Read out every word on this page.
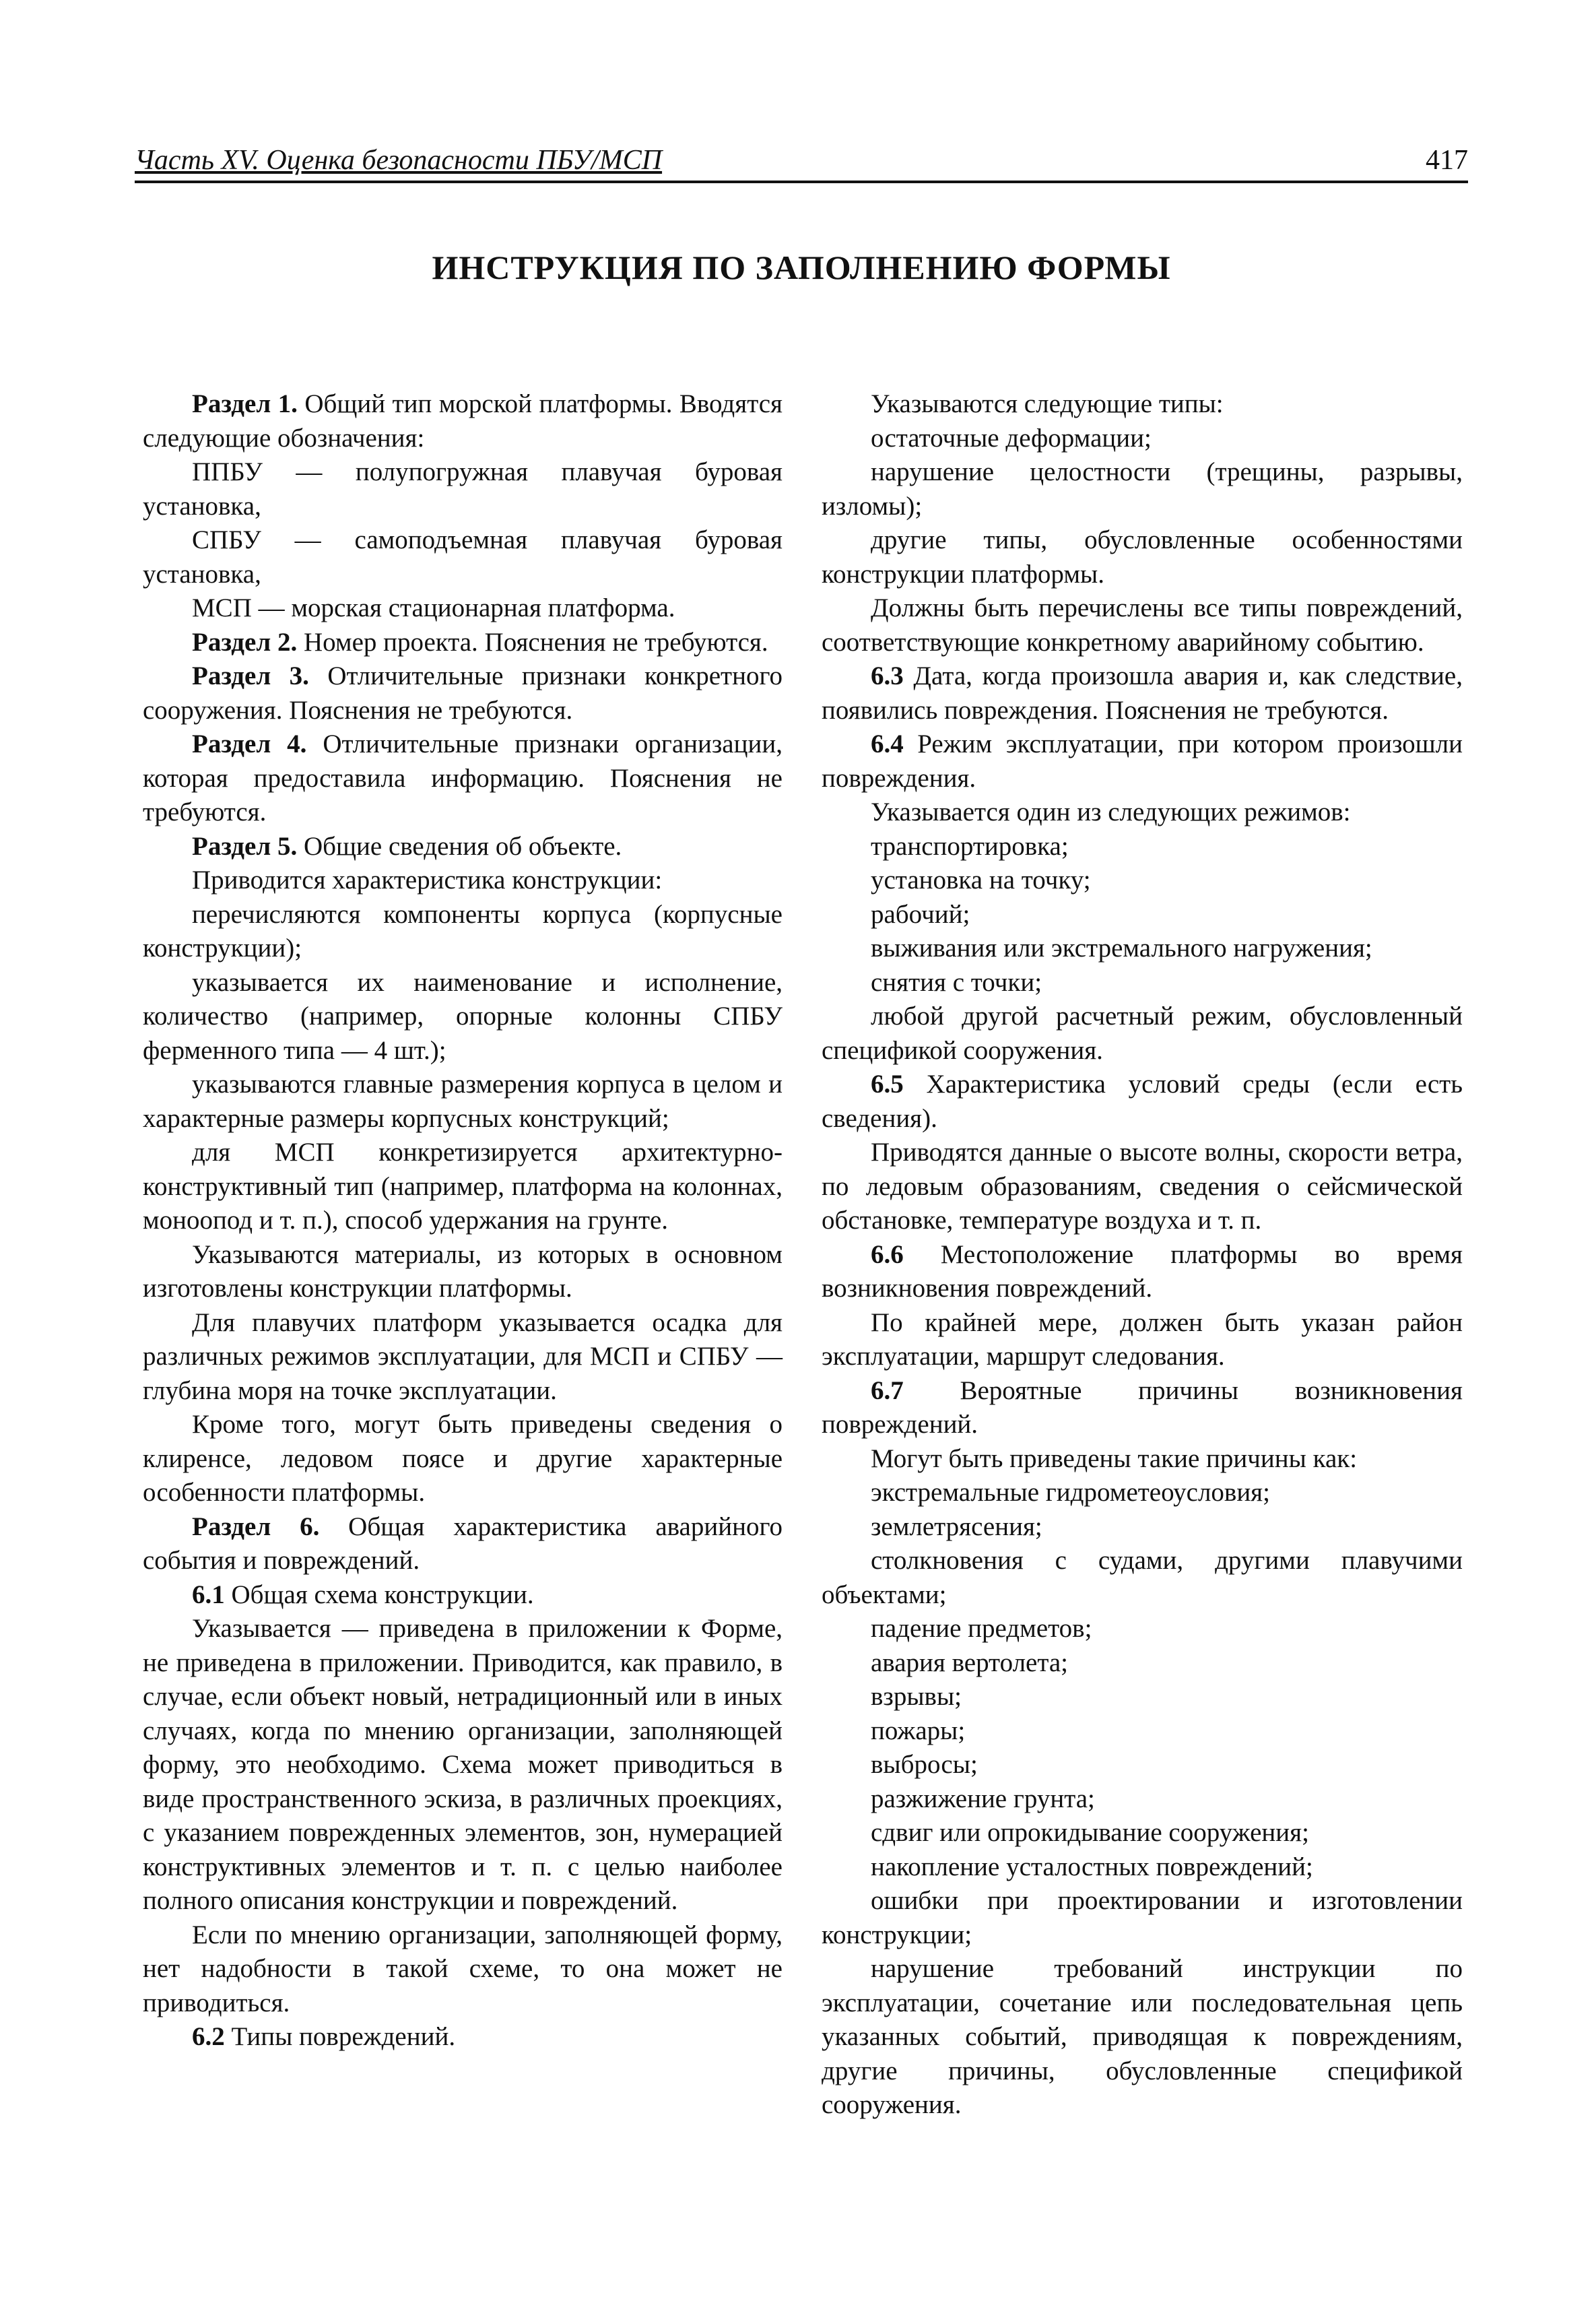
Часть XV. Оценка безопасности ПБУ/МСП	417
ИНСТРУКЦИЯ ПО ЗАПОЛНЕНИЮ ФОРМЫ

Раздел 1. Общий тип морской платформы. Вводятся следующие обозначения:

ППБУ — полупогружная плавучая буровая установка,

СПБУ — самоподъемная плавучая буровая установка,

МСП — морская стационарная платформа.

Раздел 2. Номер проекта. Пояснения не требуются.

Раздел 3. Отличительные признаки конкретного сооружения. Пояснения не требуются.

Раздел 4. Отличительные признаки организации, которая предоставила информацию. Пояснения не требуются.

Раздел 5. Общие сведения об объекте.

Приводится характеристика конструкции:

перечисляются компоненты корпуса (корпусные конструкции);

указывается их наименование и исполнение, количество (например, опорные колонны СПБУ ферменного типа — 4 шт.);

указываются главные размерения корпуса в целом и характерные размеры корпусных конструкций;

для МСП конкретизируется архитектурно-конструктивный тип (например, платформа на колоннах, моноопод и т. п.), способ удержания на грунте.

Указываются материалы, из которых в основном изготовлены конструкции платформы.

Для плавучих платформ указывается осадка для различных режимов эксплуатации, для МСП и СПБУ — глубина моря на точке эксплуатации.

Кроме того, могут быть приведены сведения о клиренсе, ледовом поясе и другие характерные особенности платформы.

Раздел 6. Общая характеристика аварийного события и повреждений.

6.1 Общая схема конструкции.

Указывается — приведена в приложении к Форме, не приведена в приложении. Приводится, как правило, в случае, если объект новый, нетрадиционный или в иных случаях, когда по мнению организации, заполняющей форму, это необходимо. Схема может приводиться в виде пространственного эскиза, в различных проекциях, с указанием поврежденных элементов, зон, нумерацией конструктивных элементов и т. п. с целью наиболее полного описания конструкции и повреждений.

Если по мнению организации, заполняющей форму, нет надобности в такой схеме, то она может не приводиться.

6.2 Типы повреждений.

Указываются следующие типы:

остаточные деформации;

нарушение целостности (трещины, разрывы, изломы);

другие типы, обусловленные особенностями конструкции платформы.

Должны быть перечислены все типы повреждений, соответствующие конкретному аварийному событию.

6.3 Дата, когда произошла авария и, как следствие, появились повреждения. Пояснения не требуются.

6.4 Режим эксплуатации, при котором произошли повреждения.

Указывается один из следующих режимов:

транспортировка;

установка на точку;

рабочий;

выживания или экстремального нагружения;

снятия с точки;

любой другой расчетный режим, обусловленный спецификой сооружения.

6.5 Характеристика условий среды (если есть сведения).

Приводятся данные о высоте волны, скорости ветра, по ледовым образованиям, сведения о сейсмической обстановке, температуре воздуха и т. п.

6.6 Местоположение платформы во время возникновения повреждений.

По крайней мере, должен быть указан район эксплуатации, маршрут следования.

6.7 Вероятные причины возникновения повреждений.

Могут быть приведены такие причины как:

экстремальные гидрометеоусловия;

землетрясения;

столкновения с судами, другими плавучими объектами;

падение предметов;

авария вертолета;

взрывы;

пожары;

выбросы;

разжижение грунта;

сдвиг или опрокидывание сооружения;

накопление усталостных повреждений;

ошибки при проектировании и изготовлении конструкции;

нарушение требований инструкции по эксплуатации, сочетание или последовательная цепь указанных событий, приводящая к повреждениям, другие причины, обусловленные спецификой сооружения.
